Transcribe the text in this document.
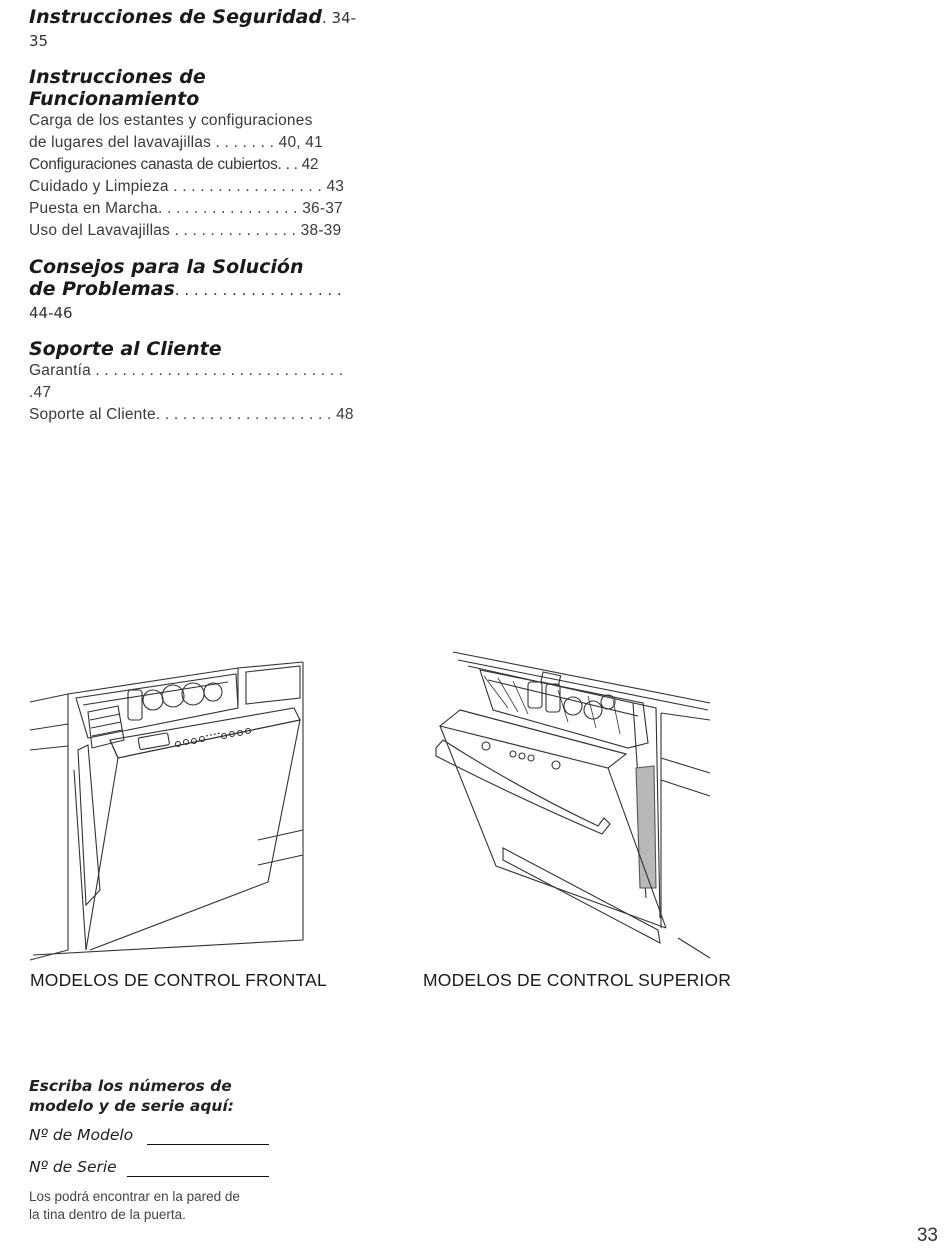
Instrucciones de Seguridad. 34-35
Instrucciones de Funcionamiento
Carga de los estantes y configuraciones
de lugares del lavavajillas . . . . . . . 40, 41
Configuraciones canasta de cubiertos. . . 42
Cuidado y Limpieza . . . . . . . . . . . . . . . . . 43
Puesta en Marcha. . . . . . . . . . . . . . . . 36-37
Uso del Lavavajillas . . . . . . . . . . . . . . 38-39
Consejos para la Solución
de Problemas. . . . . . . . . . . . . . . . . . 44-46
Soporte al Cliente
Garantía . . . . . . . . . . . . . . . . . . . . . . . . . . . . .47
Soporte al Cliente. . . . . . . . . . . . . . . . . . . . 48
MODELOS DE CONTROL FRONTAL	MODELOS DE CONTROL SUPERIOR
Escriba los números de
modelo y de serie aquí:
Nº de Modelo
Nº de Serie
Los podrá encontrar en la pared de
la tina dentro de la puerta.
33
